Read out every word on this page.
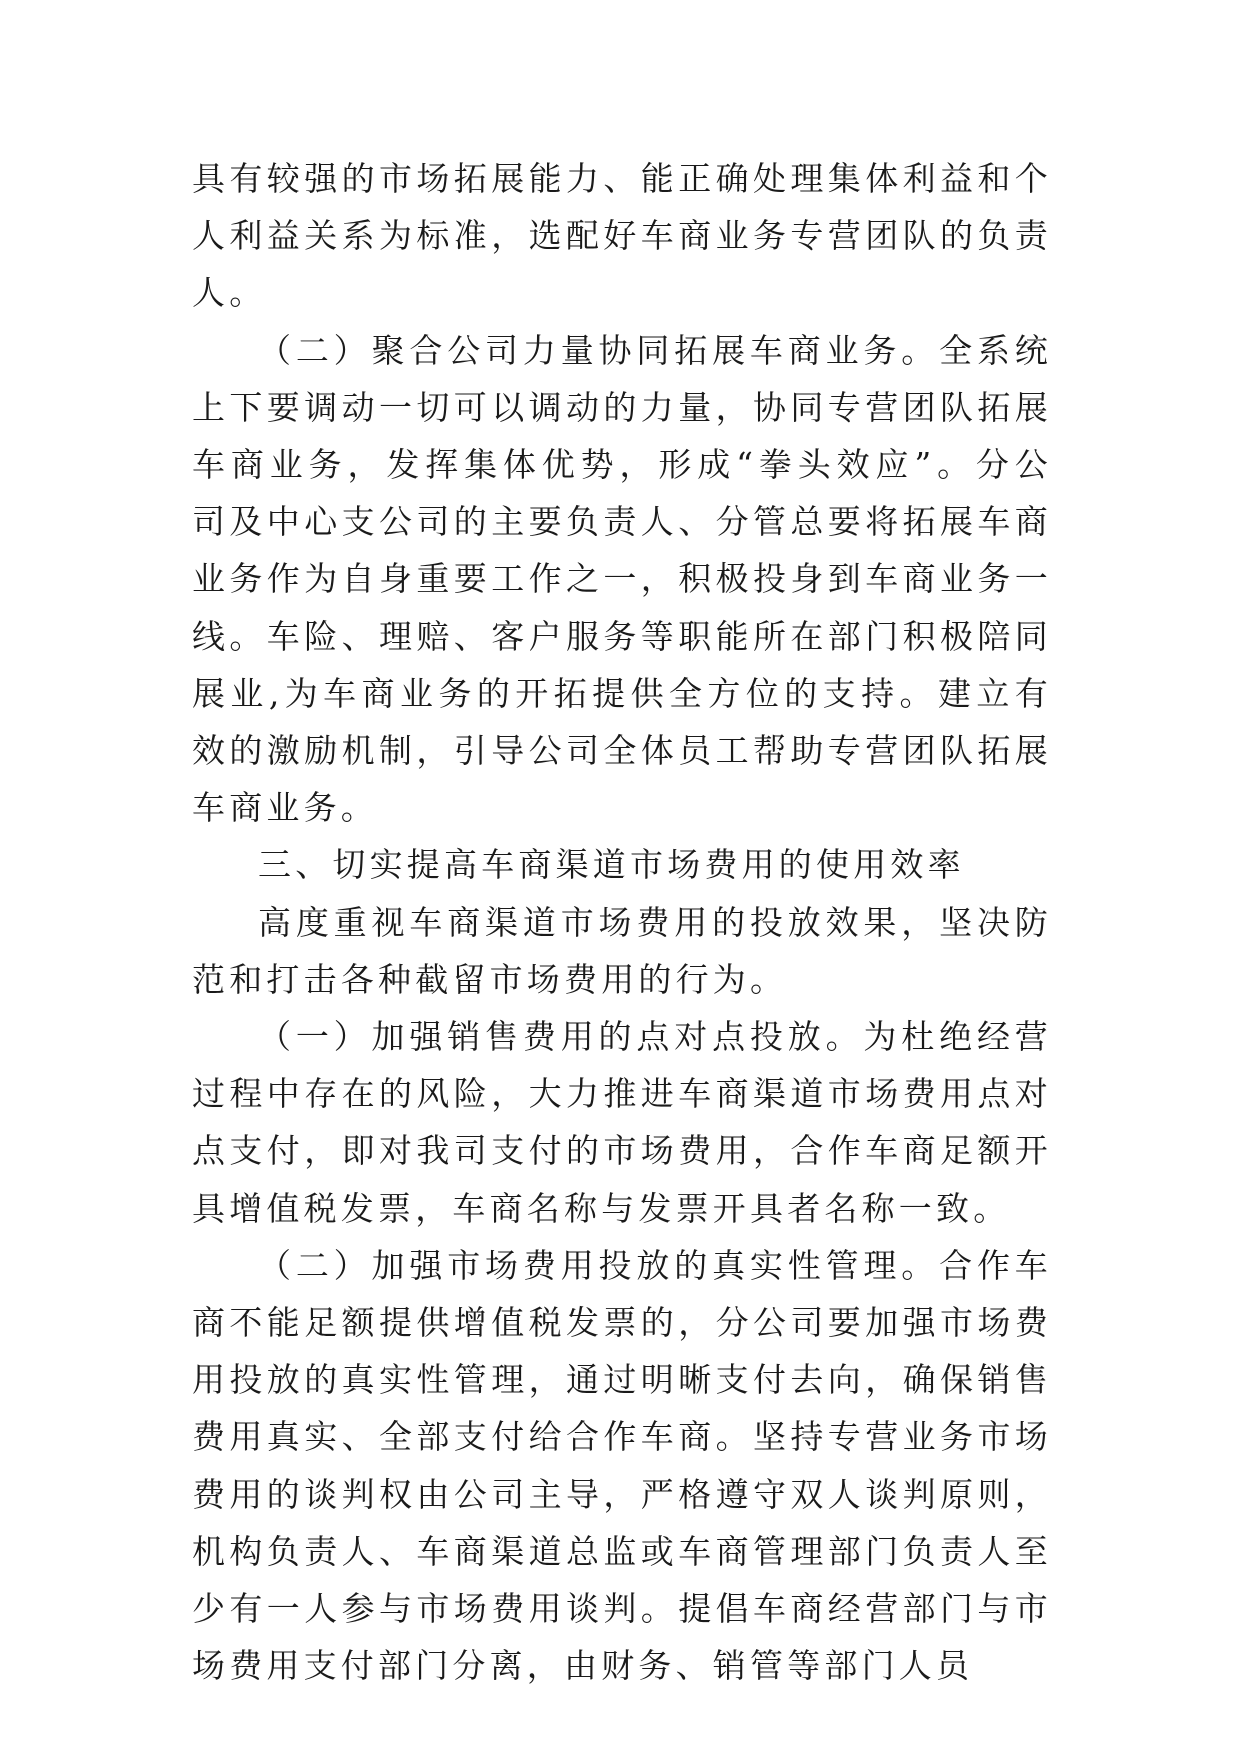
具有较强的市场拓展能力、能正确处理集体利益和个人利益关系为标准，选配好车商业务专营团队的负责人。

（二）聚合公司力量协同拓展车商业务。全系统上下要调动一切可以调动的力量，协同专营团队拓展车商业务，发挥集体优势，形成“拳头效应”。分公司及中心支公司的主要负责人、分管总要将拓展车商业务作为自身重要工作之一，积极投身到车商业务一线。车险、理赔、客户服务等职能所在部门积极陪同展业,为车商业务的开拓提供全方位的支持。建立有效的激励机制，引导公司全体员工帮助专营团队拓展车商业务。

三、切实提高车商渠道市场费用的使用效率

高度重视车商渠道市场费用的投放效果，坚决防范和打击各种截留市场费用的行为。

（一）加强销售费用的点对点投放。为杜绝经营过程中存在的风险，大力推进车商渠道市场费用点对点支付，即对我司支付的市场费用，合作车商足额开具增值税发票，车商名称与发票开具者名称一致。

（二）加强市场费用投放的真实性管理。合作车商不能足额提供增值税发票的，分公司要加强市场费用投放的真实性管理，通过明晰支付去向，确保销售费用真实、全部支付给合作车商。坚持专营业务市场费用的谈判权由公司主导，严格遵守双人谈判原则，机构负责人、车商渠道总监或车商管理部门负责人至少有一人参与市场费用谈判。提倡车商经营部门与市场费用支付部门分离，由财务、销管等部门人员
